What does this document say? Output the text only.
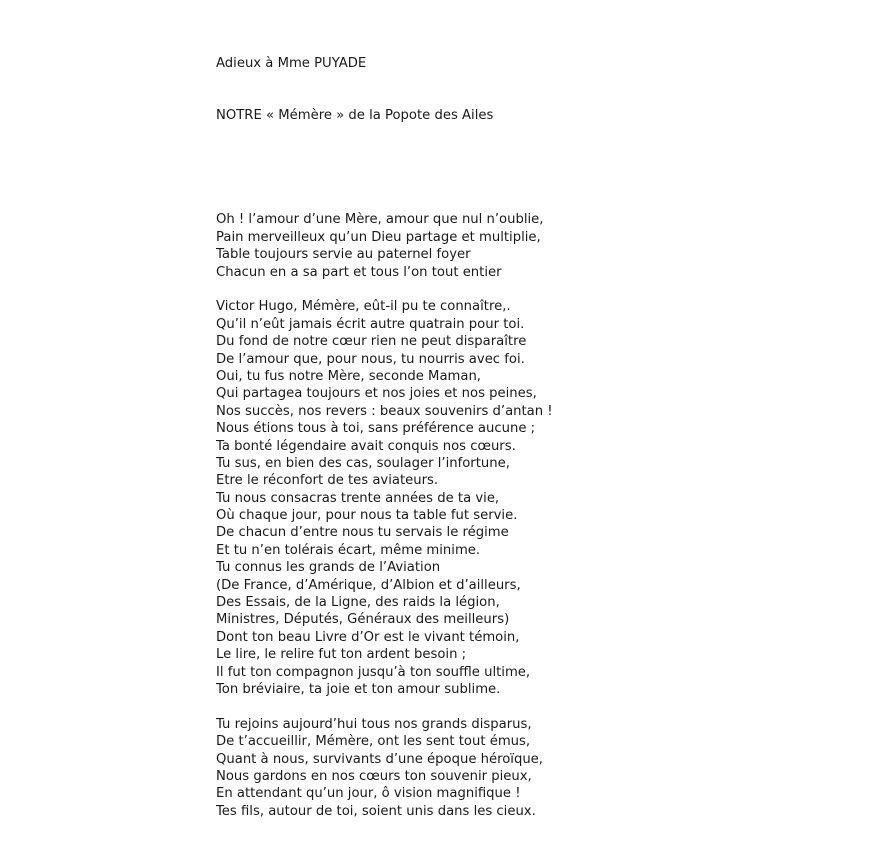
Adieux à Mme PUYADE

NOTRE « Mémère » de la Popote des Ailes

Oh ! l’amour d’une Mère, amour que nul n’oublie,
Pain merveilleux qu’un Dieu partage et multiplie,
Table toujours servie au paternel foyer
Chacun en a sa part et tous l’on tout entier
Victor Hugo, Mémère, eût-il pu te connaître,.
Qu’il n’eût jamais écrit autre quatrain pour toi.
Du fond de notre cœur rien ne peut disparaître
De l’amour que, pour nous, tu nourris avec foi.
Oui, tu fus notre Mère, seconde Maman,
Qui partagea toujours et nos joies et nos peines,
Nos succès, nos revers : beaux souvenirs d’antan !
Nous étions tous à toi, sans préférence aucune ;
Ta bonté légendaire avait conquis nos cœurs.
Tu sus, en bien des cas, soulager l’infortune,
Etre le réconfort de tes aviateurs.
Tu nous consacras trente années de ta vie,
Où chaque jour, pour nous ta table fut servie.
De chacun d’entre nous tu servais le régime
Et tu n’en tolérais écart, même minime.
Tu connus les grands de l’Aviation
(De France, d’Amérique, d’Albion et d’ailleurs,
Des Essais, de la Ligne, des raids la légion,
Ministres, Députés, Généraux des meilleurs)
Dont ton beau Livre d’Or est le vivant témoin,
Le lire, le relire fut ton ardent besoin ;
Il fut ton compagnon jusqu’à ton souffle ultime,
Ton bréviaire, ta joie et ton amour sublime.
Tu rejoins aujourd’hui tous nos grands disparus,
De t’accueillir, Mémère, ont les sent tout émus,
Quant à nous, survivants d’une époque héroïque,
Nous gardons en nos cœurs ton souvenir pieux,
En attendant qu’un jour, ô vision magnifique !
Tes fils, autour de toi, soient unis dans les cieux.
